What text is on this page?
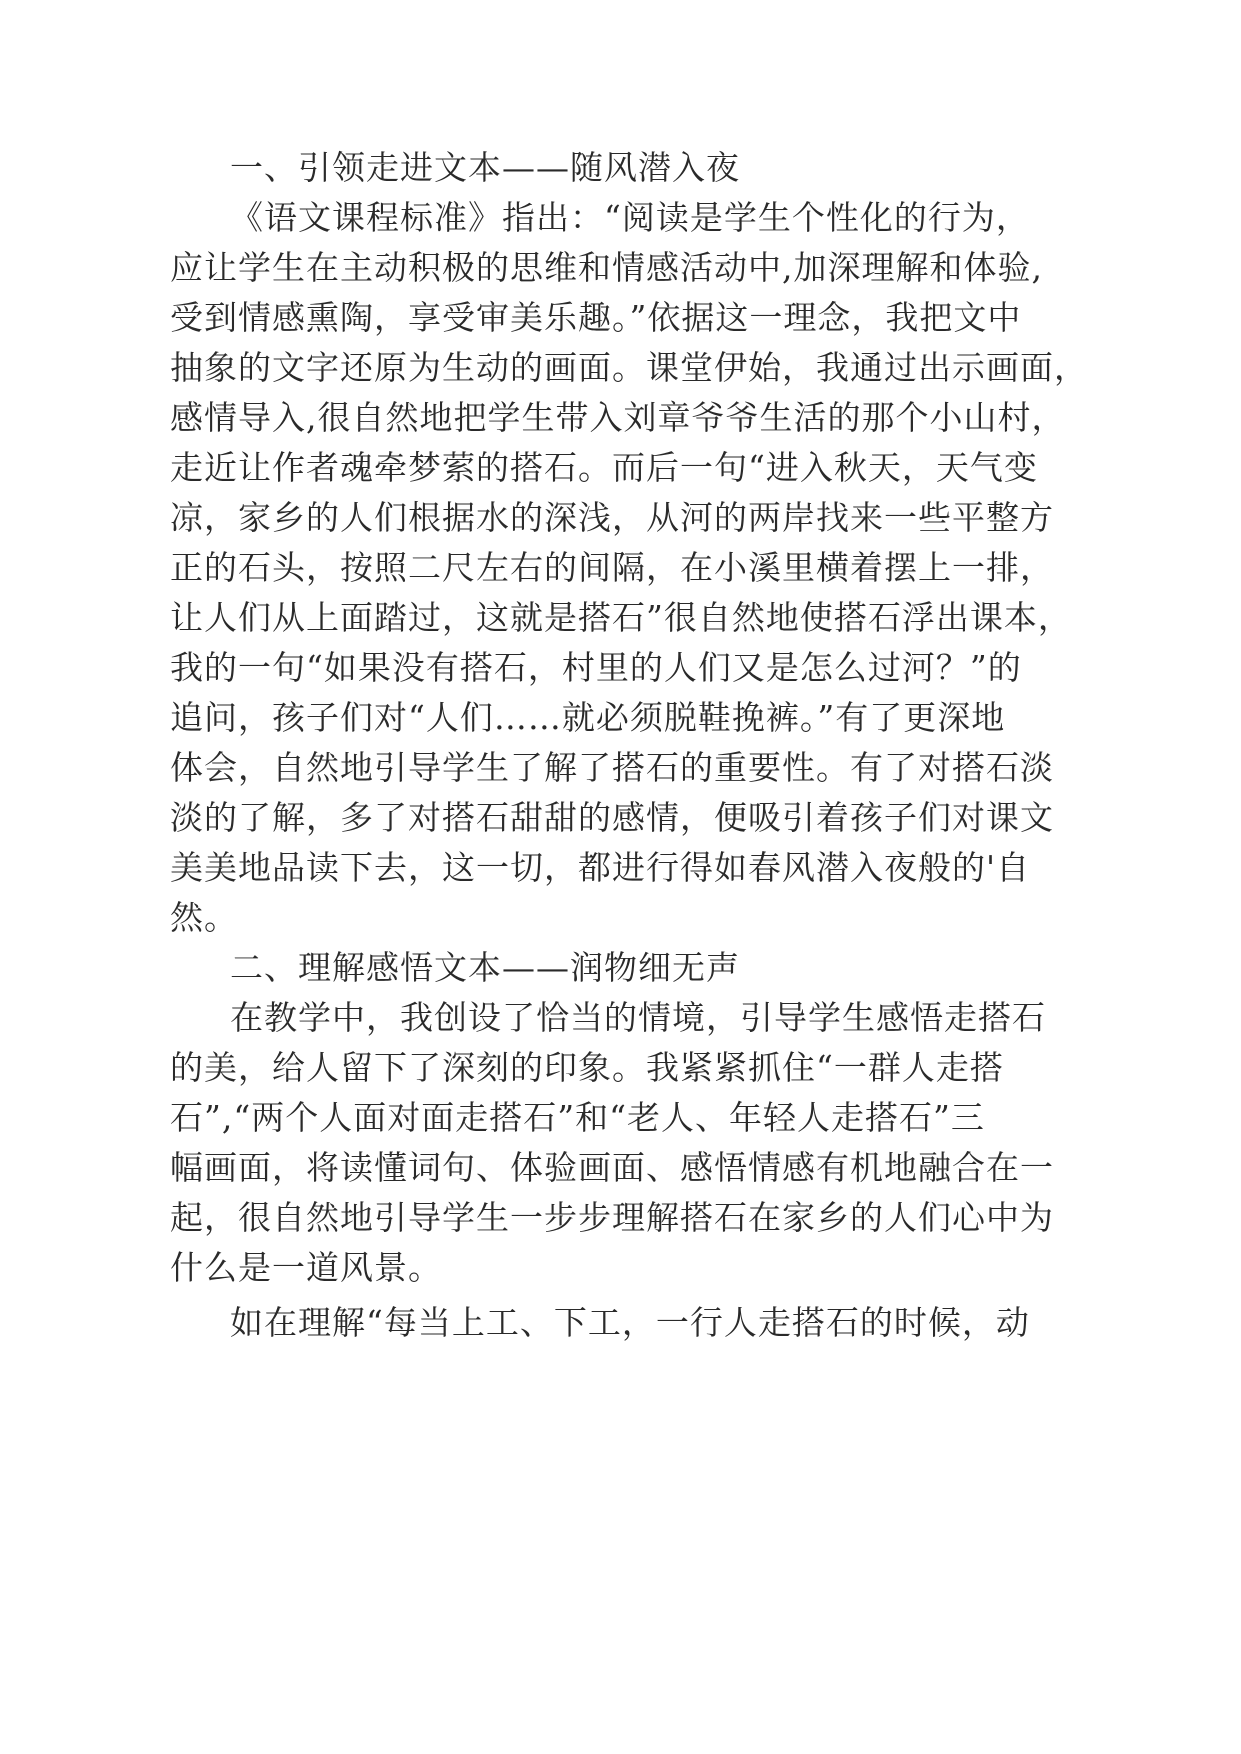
一、引领走进文本——随风潜入夜
《语文课程标准》指出：“阅读是学生个性化的行为，
应让学生在主动积极的思维和情感活动中,加深理解和体验,
受到情感熏陶，享受审美乐趣。”依据这一理念，我把文中
抽象的文字还原为生动的画面。课堂伊始，我通过出示画面，
感情导入,很自然地把学生带入刘章爷爷生活的那个小山村，
走近让作者魂牵梦萦的搭石。而后一句“进入秋天，天气变
凉，家乡的人们根据水的深浅，从河的两岸找来一些平整方
正的石头，按照二尺左右的间隔，在小溪里横着摆上一排，
让人们从上面踏过，这就是搭石”很自然地使搭石浮出课本，
我的一句“如果没有搭石，村里的人们又是怎么过河？”的
追问，孩子们对“人们……就必须脱鞋挽裤。”有了更深地
体会，自然地引导学生了解了搭石的重要性。有了对搭石淡
淡的了解，多了对搭石甜甜的感情，便吸引着孩子们对课文
美美地品读下去，这一切，都进行得如春风潜入夜般的'自
然。
二、理解感悟文本——润物细无声
在教学中，我创设了恰当的情境，引导学生感悟走搭石
的美，给人留下了深刻的印象。我紧紧抓住“一群人走搭
石”,“两个人面对面走搭石”和“老人、年轻人走搭石”三
幅画面，将读懂词句、体验画面、感悟情感有机地融合在一
起，很自然地引导学生一步步理解搭石在家乡的人们心中为
什么是一道风景。
如在理解“每当上工、下工，一行人走搭石的时候，动
